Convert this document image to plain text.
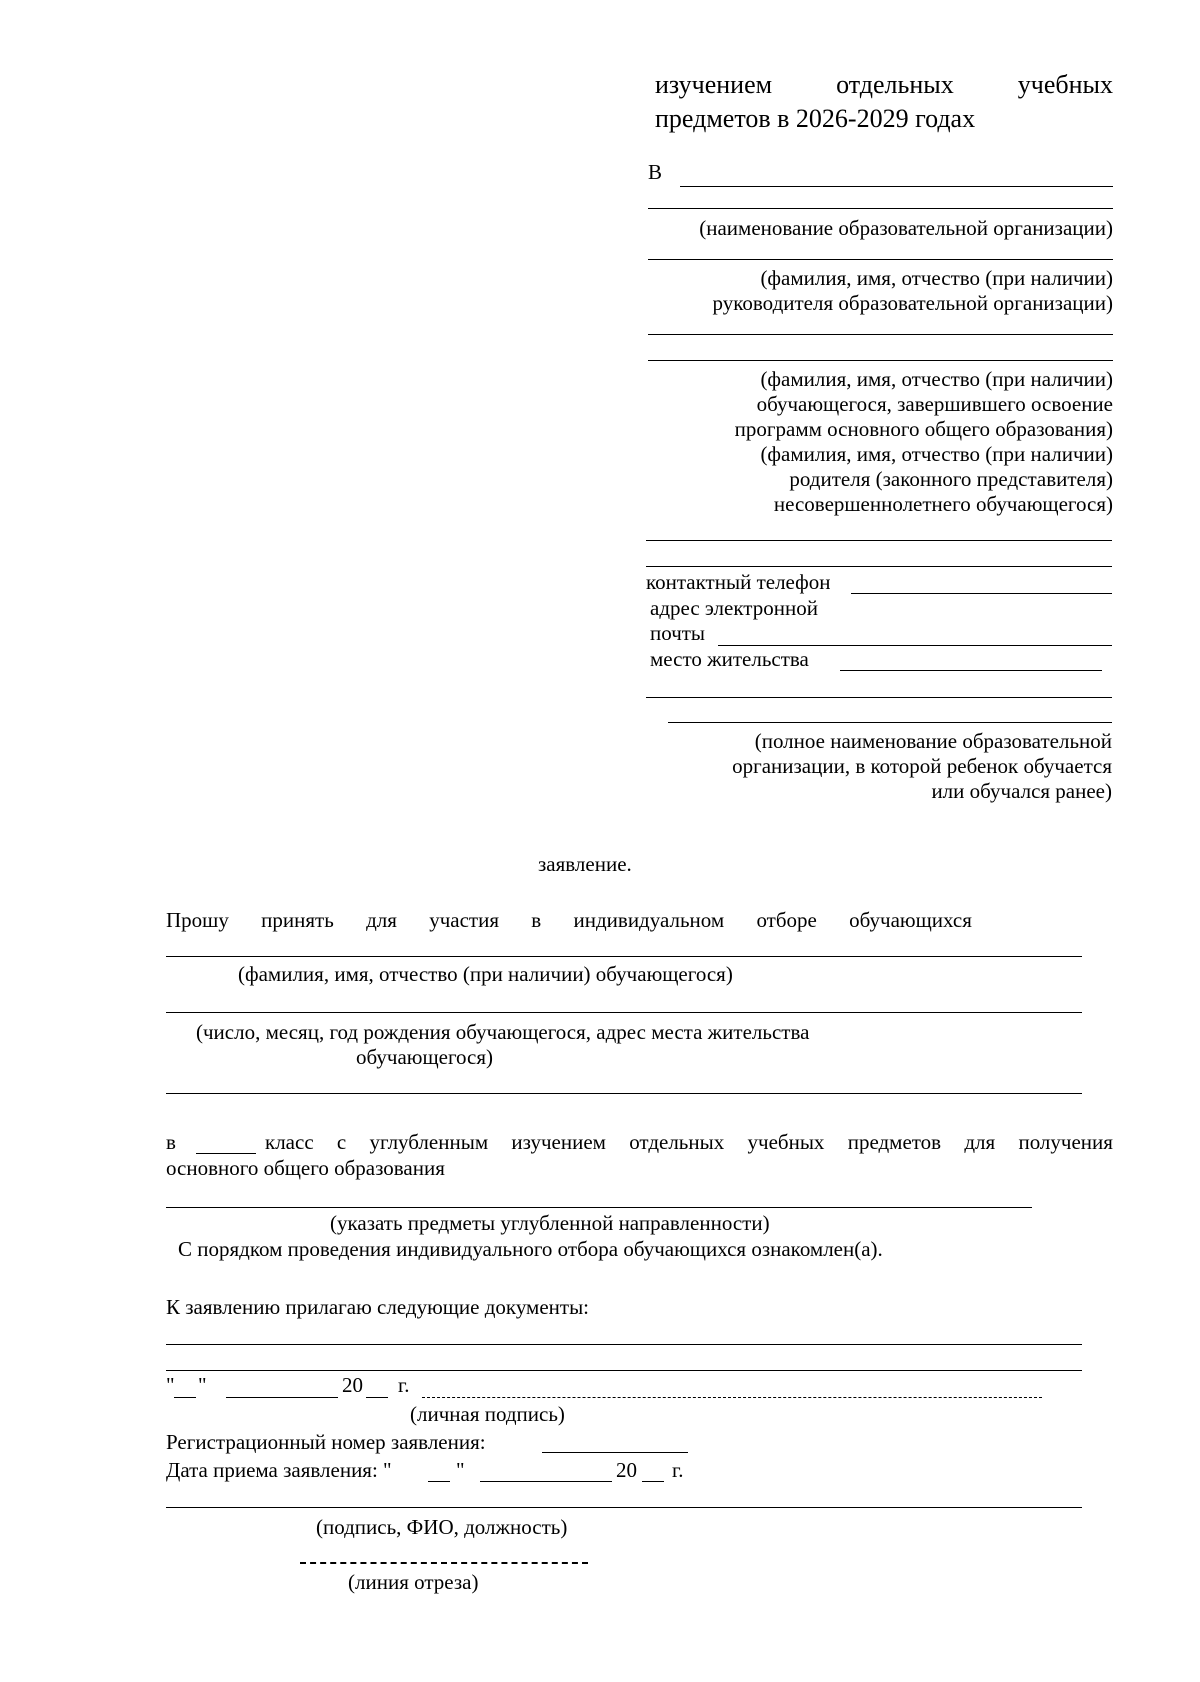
изучением отдельных учебных
предметов в 2026-2029 годах
В
(наименование образовательной организации)
(фамилия, имя, отчество (при наличии)
руководителя образовательной организации)
(фамилия, имя, отчество (при наличии)
обучающегося, завершившего освоение
программ основного общего образования)
(фамилия, имя, отчество (при наличии)
родителя (законного представителя)
несовершеннолетнего обучающегося)
контактный телефон
адрес электронной
почты
место жительства
(полное наименование образовательной
организации, в которой ребенок обучается
или обучался ранее)
заявление.
Прошу принять для участия в индивидуальном отборе обучающихся
(фамилия, имя, отчество (при наличии) обучающегося)
(число, месяц, год рождения обучающегося, адрес места жительства
обучающегося)
в	класс с углубленным изучением отдельных учебных предметов для получения
основного общего образования
(указать предметы углубленной направленности)
С порядком проведения индивидуального отбора обучающихся ознакомлен(а).
К заявлению прилагаю следующие документы:
" "	20 г.
(личная подпись)
Регистрационный номер заявления:
Дата приема заявления: "	"	20 г.
(подпись, ФИО, должность)
(линия отреза)
